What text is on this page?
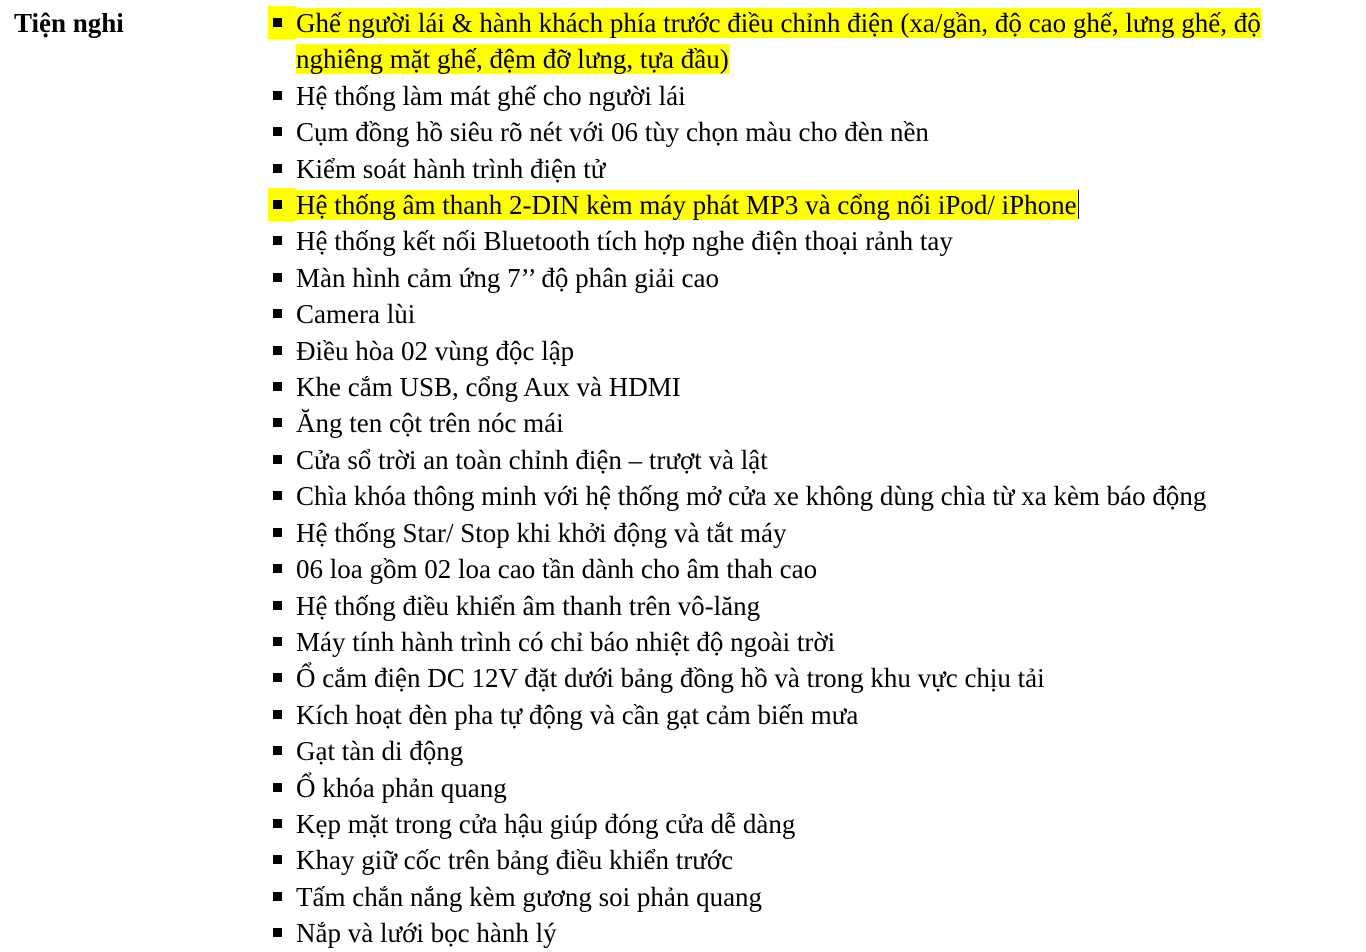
Tiện nghi	Ghế người lái & hành khách phía trước điều chỉnh điện (xa/gần, độ cao ghế, lưng ghế, độ nghiêng mặt ghế, đệm đỡ lưng, tựa đầu)
Hệ thống làm mát ghế cho người lái
Cụm đồng hồ siêu rõ nét với 06 tùy chọn màu cho đèn nền
Kiểm soát hành trình điện tử
Hệ thống âm thanh 2-DIN kèm máy phát MP3 và cổng nối iPod/ iPhone
Hệ thống kết nối Bluetooth tích hợp nghe điện thoại rảnh tay
Màn hình cảm ứng 7’’ độ phân giải cao
Camera lùi
Điều hòa 02 vùng độc lập
Khe cắm USB, cổng Aux và HDMI
Ăng ten cột trên nóc mái
Cửa sổ trời an toàn chỉnh điện – trượt và lật
Chìa khóa thông minh với hệ thống mở cửa xe không dùng chìa từ xa kèm báo động
Hệ thống Star/ Stop khi khởi động và tắt máy
06 loa gồm 02 loa cao tần dành cho âm thah cao
Hệ thống điều khiển âm thanh trên vô-lăng
Máy tính hành trình có chỉ báo nhiệt độ ngoài trời
Ổ cắm điện DC 12V đặt dưới bảng đồng hồ và trong khu vực chịu tải
Kích hoạt đèn pha tự động và cần gạt cảm biến mưa
Gạt tàn di động
Ổ khóa phản quang
Kẹp mặt trong cửa hậu giúp đóng cửa dễ dàng
Khay giữ cốc trên bảng điều khiển trước
Tấm chắn nắng kèm gương soi phản quang
Nắp và lưới bọc hành lý
